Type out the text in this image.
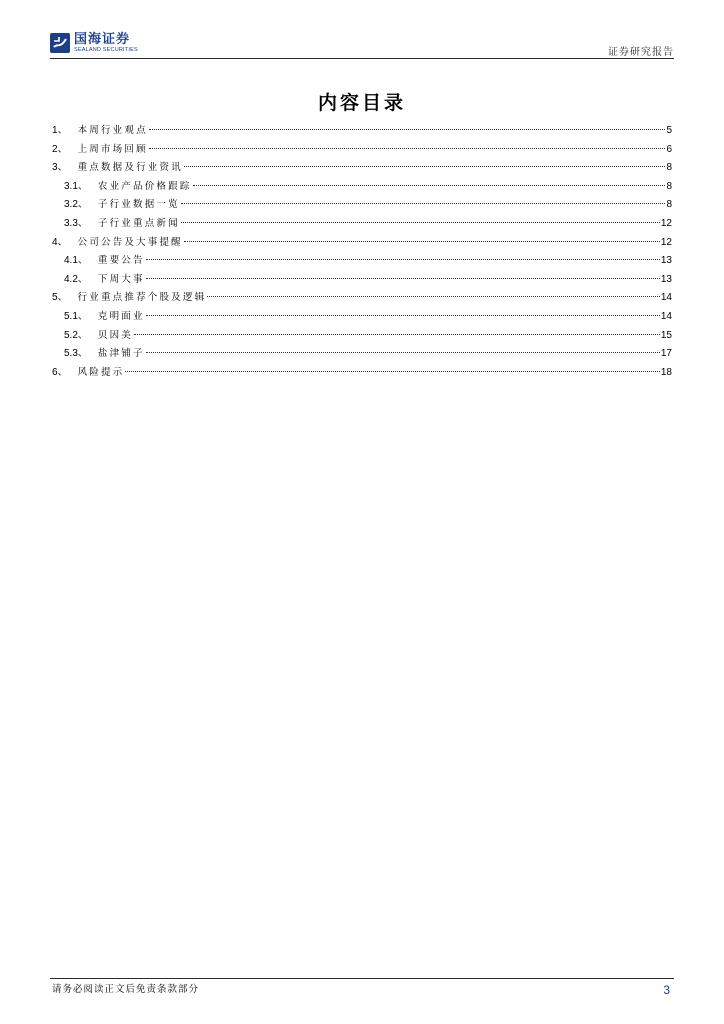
国海证券
SEALAND SECURITIES	证券研究报告
内容目录
1 、 本周行业观点	5
2 、 上周市场回顾	6
3 、 重点数据及行业资讯	8
3.1 、 农业产品价格跟踪	8
3.2 、 子行业数据一览	8
3.3 、 子行业重点新闻	12
4 、 公司公告及大事提醒	12
4.1 、 重要公告	13
4.2 、 下周大事	13
5 、 行业重点推荐个股及逻辑	14
5.1 、 克明面业	14
5.2 、 贝因美	15
5.3 、 盐津铺子	17
6 、 风险提示	18
请务必阅读正文后免责条款部分	3
